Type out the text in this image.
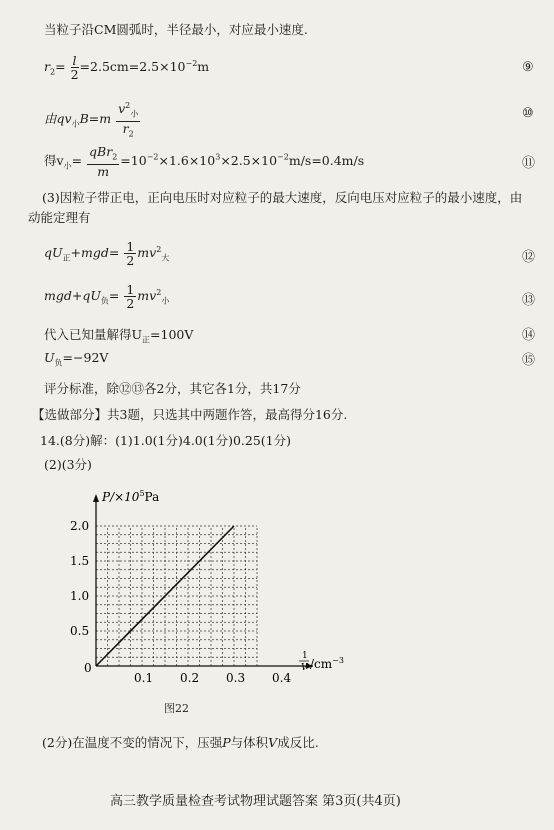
当粒子沿CM圆弧时，半径最小，对应最小速度.
$r_2= \frac{l}{2} =2.5cm=2.5\times 10^{-2}m$	⑨
由$qv_小B=m \frac{v^2_小}{r_2}$	⑩
得$v_小= \frac{qBr_2}{m} =10^{-2}\times 1.6\times 10^3\times 2.5\times 10^{-2}m/s=0.4m/s$	⑪
(3)因粒子带正电，正向电压时对应粒子的最大速度，反向电压对应粒子的最小速度，由
动能定理有
$qU_正+mgd= \frac{1}{2} mv^2_大$	⑫
$mgd+qU_负= \frac{1}{2} mv^2_小$	⑬
代入已知量解得$U_正=100V$	⑭
$U_负=-92V$	⑮
评分标准，除⑫⑬各2分，其它各1分，共17分
【选做部分】共3题，只选其中两题作答，最高得分16分.
14.(8分)解：(1)1.0(1分)4.0(1分)0.25(1分)
(2)(3分)
0.1 0.2 0.3 0.4
0.5
1.0
1.5
2.0
0
$P/\times 10^5Pa$
1
V $/cm^{-3}$
图22
(2分)在温度不变的情况下，压强P与体积V成反比.
高三教学质量检查考试物理试题答案 第3页(共4页)
